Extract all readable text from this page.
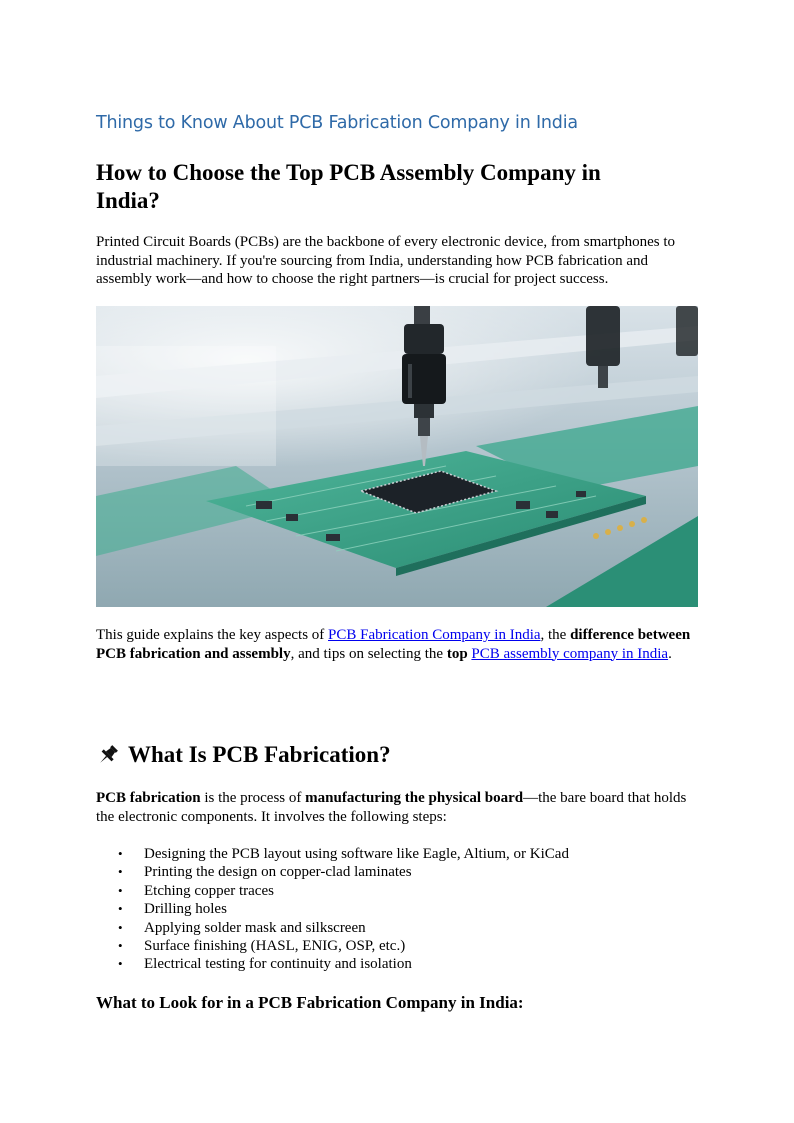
Things to Know About PCB Fabrication Company in India
How to Choose the Top PCB Assembly Company in India?
Printed Circuit Boards (PCBs) are the backbone of every electronic device, from smartphones to industrial machinery. If you're sourcing from India, understanding how PCB fabrication and assembly work—and how to choose the right partners—is crucial for project success.
This guide explains the key aspects of PCB Fabrication Company in India, the difference between PCB fabrication and assembly, and tips on selecting the top PCB assembly company in India.
What Is PCB Fabrication?
PCB fabrication is the process of manufacturing the physical board—the bare board that holds the electronic components. It involves the following steps:
• Designing the PCB layout using software like Eagle, Altium, or KiCad
• Printing the design on copper-clad laminates
• Etching copper traces
• Drilling holes
• Applying solder mask and silkscreen
• Surface finishing (HASL, ENIG, OSP, etc.)
• Electrical testing for continuity and isolation
What to Look for in a PCB Fabrication Company in India:
